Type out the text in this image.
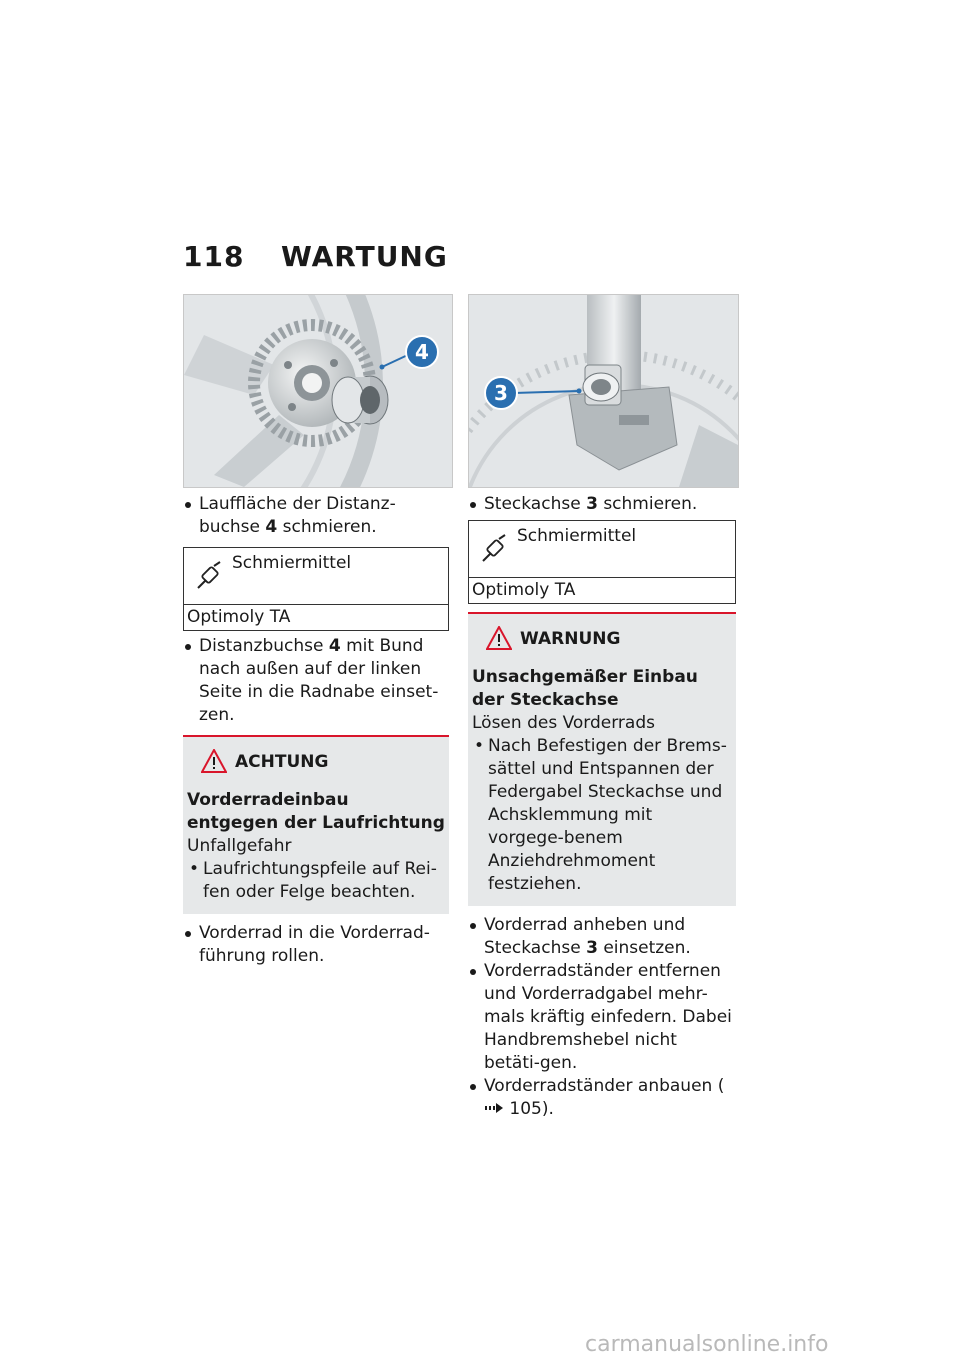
118 WARTUNG
4
3

Lauffläche der Distanz-buchse 4 schmieren.

Schmiermittel
Optimoly TA

Distanzbuchse 4 mit Bund nach außen auf der linken Seite in die Radnabe einset-zen.

ACHTUNG
Vorderradeinbau entgegen der Laufrichtung
Unfallgefahr
• Laufrichtungspfeile auf Rei-fen oder Felge beachten.

Vorderrad in die Vorderrad-führung rollen.

Steckachse 3 schmieren.

Schmiermittel
Optimoly TA
WARNUNG
Unsachgemäßer Einbau der Steckachse
Lösen des Vorderrads
• Nach Befestigen der Brems-sättel und Entspannen der Federgabel Steckachse und Achsklemmung mit vorgege-benem Anziehdrehmoment festziehen.

Vorderrad anheben und Steckachse 3 einsetzen.

Vorderradständer entfernen und Vorderradgabel mehr-mals kräftig einfedern. Dabei Handbremshebel nicht betäti-gen.

Vorderradständer anbauen ( 105).

carmanualsonline.info
